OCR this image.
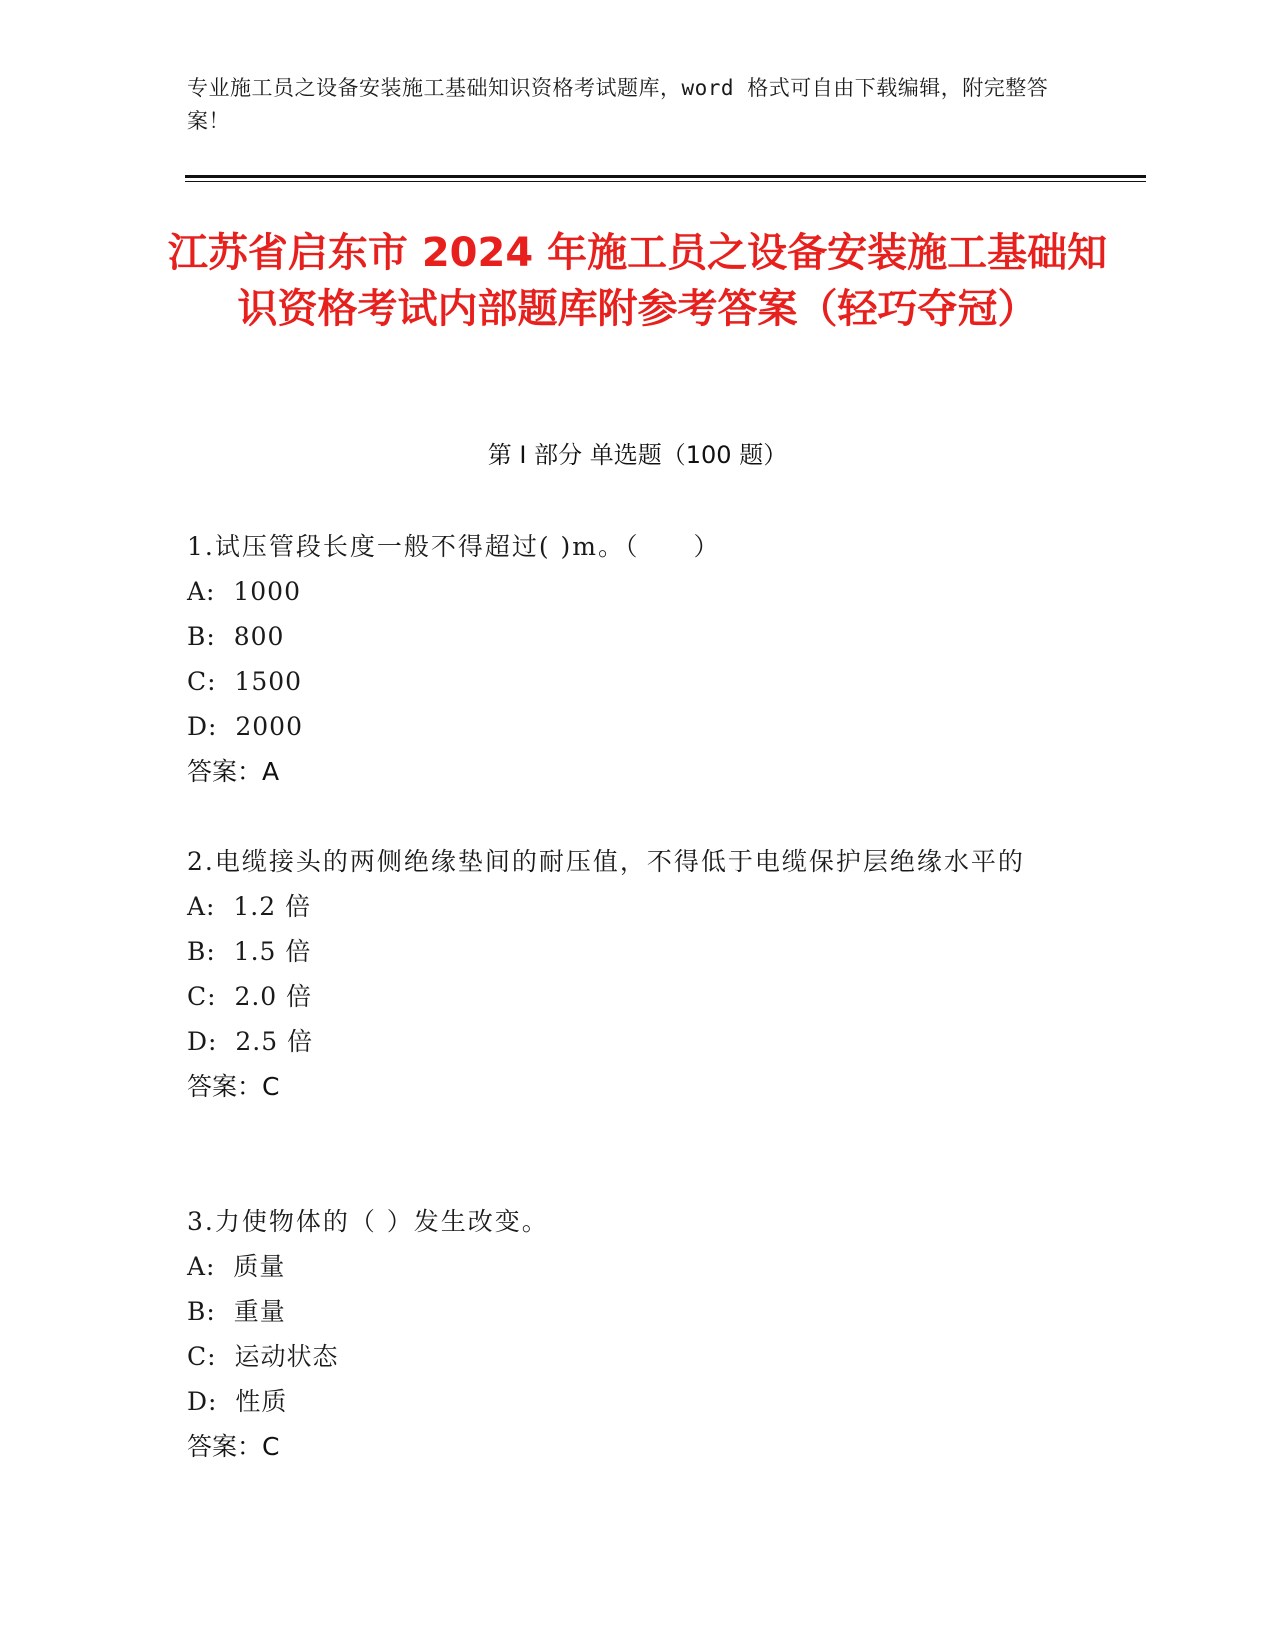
专业施工员之设备安装施工基础知识资格考试题库，word 格式可自由下载编辑，附完整答案！
江苏省启东市 2024 年施工员之设备安装施工基础知识资格考试内部题库附参考答案（轻巧夺冠）
第 I 部分 单选题（100 题）

1.试压管段长度一般不得超过( )m。（　　）

A:  1000

B:  800

C:  1500

D:  2000

答案：A

2.电缆接头的两侧绝缘垫间的耐压值，不得低于电缆保护层绝缘水平的

A:  1.2 倍

B:  1.5 倍

C:  2.0 倍

D:  2.5 倍

答案：C

3.力使物体的（ ）发生改变。

A:  质量

B:  重量

C:  运动状态

D:  性质

答案：C
